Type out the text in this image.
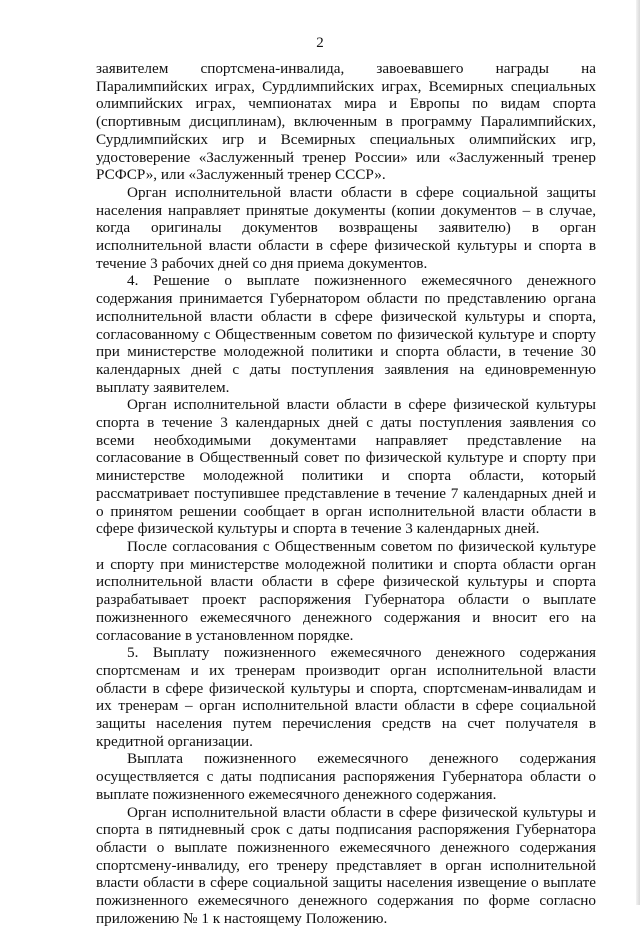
2

заявителем спортсмена-инвалида, завоевавшего награды на Паралимпийских играх, Сурдлимпийских играх, Всемирных специальных олимпийских играх, чемпионатах мира и Европы по видам спорта (спортивным дисциплинам), включенным в программу Паралимпийских, Сурдлимпийских игр и Всемирных специальных олимпийских игр, удостоверение «Заслуженный тренер России» или «Заслуженный тренер РСФСР», или «Заслуженный тренер СССР».

Орган исполнительной власти области в сфере социальной защиты населения направляет принятые документы (копии документов – в случае, когда оригиналы документов возвращены заявителю) в орган исполнительной власти области в сфере физической культуры и спорта в течение 3 рабочих дней со дня приема документов.

4. Решение о выплате пожизненного ежемесячного денежного содержания принимается Губернатором области по представлению органа исполнительной власти области в сфере физической культуры и спорта, согласованному с Общественным советом по физической культуре и спорту при министерстве молодежной политики и спорта области, в течение 30 календарных дней с даты поступления заявления на единовременную выплату заявителем.

Орган исполнительной власти области в сфере физической культуры спорта в течение 3 календарных дней с даты поступления заявления со всеми необходимыми документами направляет представление на согласование в Общественный совет по физической культуре и спорту при министерстве молодежной политики и спорта области, который рассматривает поступившее представление в течение 7 календарных дней и о принятом решении сообщает в орган исполнительной власти области в сфере физической культуры и спорта в течение 3 календарных дней.

После согласования с Общественным советом по физической культуре и спорту при министерстве молодежной политики и спорта области орган исполнительной власти области в сфере физической культуры и спорта разрабатывает проект распоряжения Губернатора области о выплате пожизненного ежемесячного денежного содержания и вносит его на согласование в установленном порядке.

5. Выплату пожизненного ежемесячного денежного содержания спортсменам и их тренерам производит орган исполнительной власти области в сфере физической культуры и спорта, спортсменам-инвалидам и их тренерам – орган исполнительной власти области в сфере социальной защиты населения путем перечисления средств на счет получателя в кредитной организации.

Выплата пожизненного ежемесячного денежного содержания осуществляется с даты подписания распоряжения Губернатора области о выплате пожизненного ежемесячного денежного содержания.

Орган исполнительной власти области в сфере физической культуры и спорта в пятидневный срок с даты подписания распоряжения Губернатора области о выплате пожизненного ежемесячного денежного содержания спортсмену-инвалиду, его тренеру представляет в орган исполнительной власти области в сфере социальной защиты населения извещение о выплате пожизненного ежемесячного денежного содержания по форме согласно приложению № 1 к настоящему Положению.
